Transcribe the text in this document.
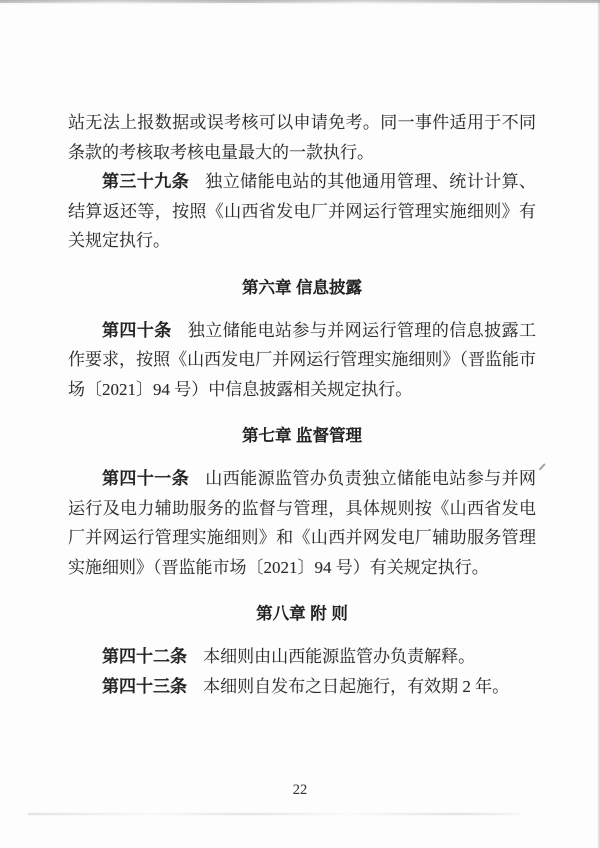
站无法上报数据或误考核可以申请免考。同一事件适用于不同条款的考核取考核电量最大的一款执行。

第三十九条 独立储能电站的其他通用管理、统计计算、结算返还等，按照《山西省发电厂并网运行管理实施细则》有关规定执行。

第六章 信息披露

第四十条 独立储能电站参与并网运行管理的信息披露工作要求，按照《山西发电厂并网运行管理实施细则》（晋监能市场〔2021〕94 号）中信息披露相关规定执行。

第七章 监督管理

第四十一条 山西能源监管办负责独立储能电站参与并网运行及电力辅助服务的监督与管理，具体规则按《山西省发电厂并网运行管理实施细则》和《山西并网发电厂辅助服务管理实施细则》（晋监能市场〔2021〕94 号）有关规定执行。

第八章 附 则

第四十二条 本细则由山西能源监管办负责解释。

第四十三条 本细则自发布之日起施行，有效期 2 年。

22
